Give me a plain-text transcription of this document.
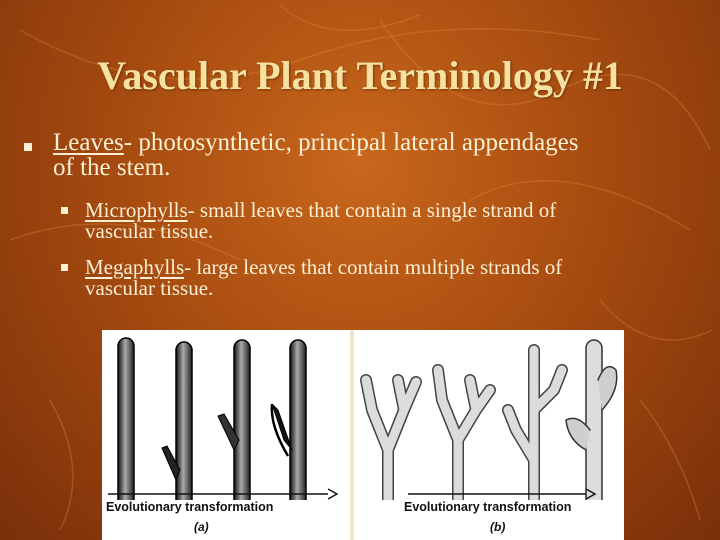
Vascular Plant Terminology #1
Leaves- photosynthetic, principal lateral appendages
of the stem.
Microphylls- small leaves that contain a single strand of
vascular tissue.
Megaphylls- large leaves that contain multiple strands of
vascular tissue.
Evolutionary transformation
(a)
Evolutionary transformation
(b)
